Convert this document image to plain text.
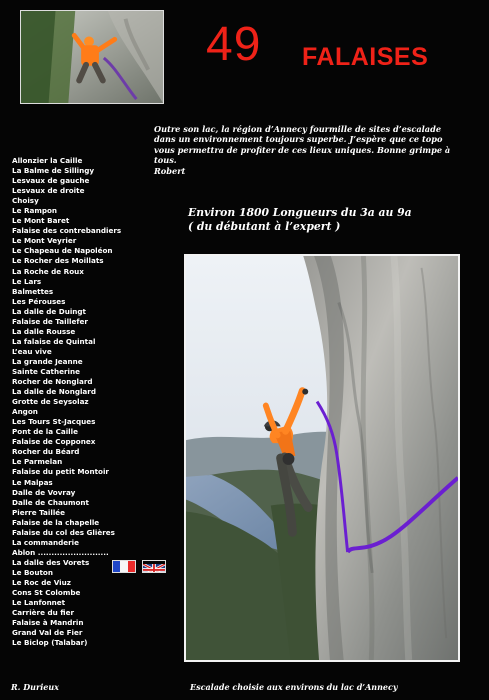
49 FALAISES

Outre son lac, la région d’Annecy fourmille de sites d’escalade dans un environnement toujours superbe. J’espère que ce topo vous permettra de profiter de ces lieux uniques. Bonne grimpe à tous.

Robert

Environ 1800 Longueurs du 3a au 9a
( du débutant à l’expert )
Allonzier la Caille
La Balme de Sillingy
Lesvaux de gauche
Lesvaux de droite
Choisy
Le Rampon
Le Mont Baret
Falaise des contrebandiers
Le Mont Veyrier
Le Chapeau de Napoléon
Le Rocher des Moillats
La Roche de Roux
Le Lars
Balmettes
Les Pérouses
La dalle de Duingt
Falaise de Taillefer
La dalle Rousse
La falaise de Quintal
L’eau vive
La grande Jeanne
Sainte Catherine
Rocher de Nonglard
La dalle de Nonglard
Grotte de Seysolaz
Angon
Les Tours St-Jacques
Pont de la Caille
Falaise de Copponex
Rocher du Béard
Le Parmelan
Falaise du petit Montoir
Le Malpas
Dalle de Vovray
Dalle de Chaumont
Pierre Taillée
Falaise de la chapelle
Falaise du col des Glières
La commanderie
Ablon ..........................
La dalle des Vorets
Le Bouton
Le Roc de Viuz
Cons St Colombe
Le Lanfonnet
Carrière du fier
Falaise à Mandrin
Grand Val de Fier
Le Biclop (Talabar)
R. Durieux	Escalade choisie aux environs du lac d’Annecy
